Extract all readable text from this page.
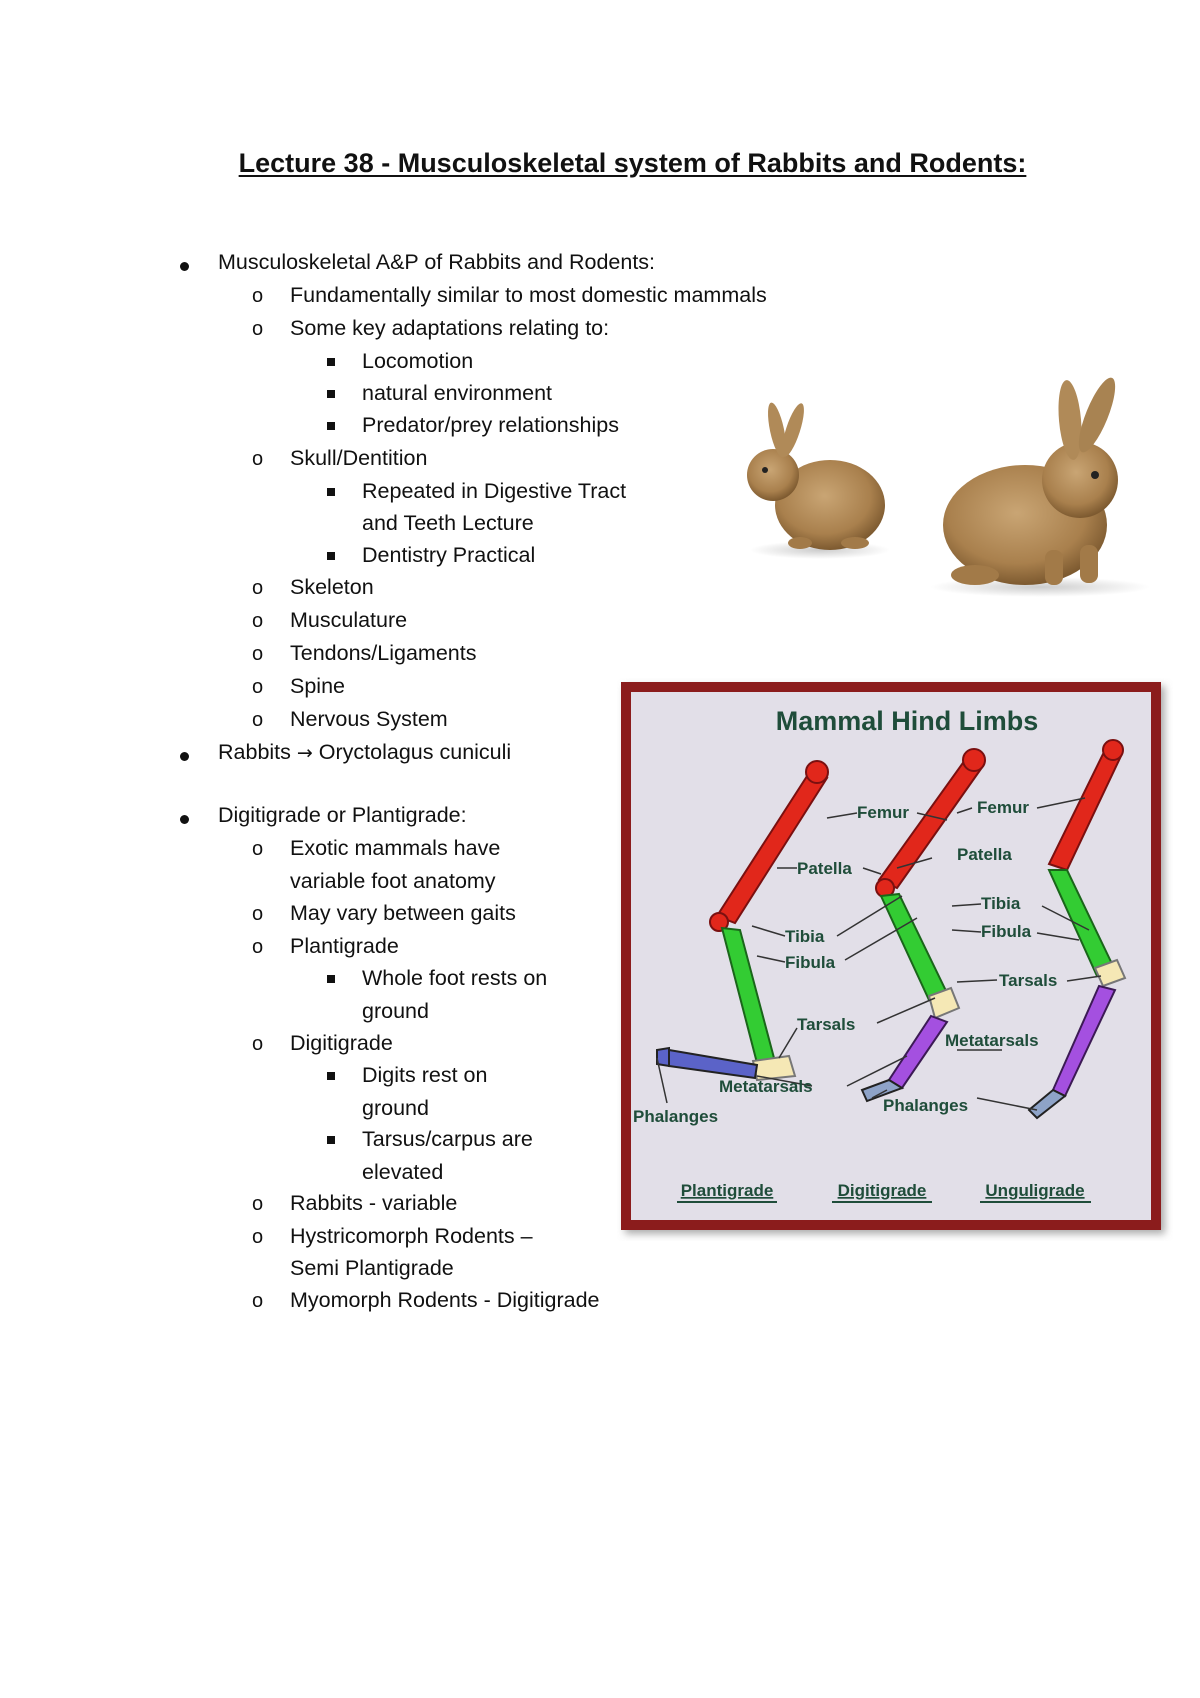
Lecture 38 - Musculoskeletal system of Rabbits and Rodents:
Musculoskeletal A&P of Rabbits and Rodents:
o Fundamentally similar to most domestic mammals
o Some key adaptations relating to:
Locomotion
natural environment
Predator/prey relationships
o Skull/Dentition
Repeated in Digestive Tract
and Teeth Lecture
Dentistry Practical
o Skeleton
o Musculature
o Tendons/Ligaments
o Spine
o Nervous System
Rabbits → Oryctolagus cuniculi
Digitigrade or Plantigrade:
o Exotic mammals have
variable foot anatomy
o May vary between gaits
o Plantigrade
Whole foot rests on
ground
o Digitigrade
Digits rest on
ground
Tarsus/carpus are
elevated
o Rabbits - variable
o Hystricomorph Rodents –
Semi Plantigrade
o Myomorph Rodents - Digitigrade
Mammal Hind Limbs
Femur	Femur
Patella
Patella
Tibia
Fibula
Tibia
Fibula
Tarsals
Tarsals
Metatarsals
Metatarsals
Phalanges
Phalanges
Plantigrade	Digitigrade	Unguligrade
